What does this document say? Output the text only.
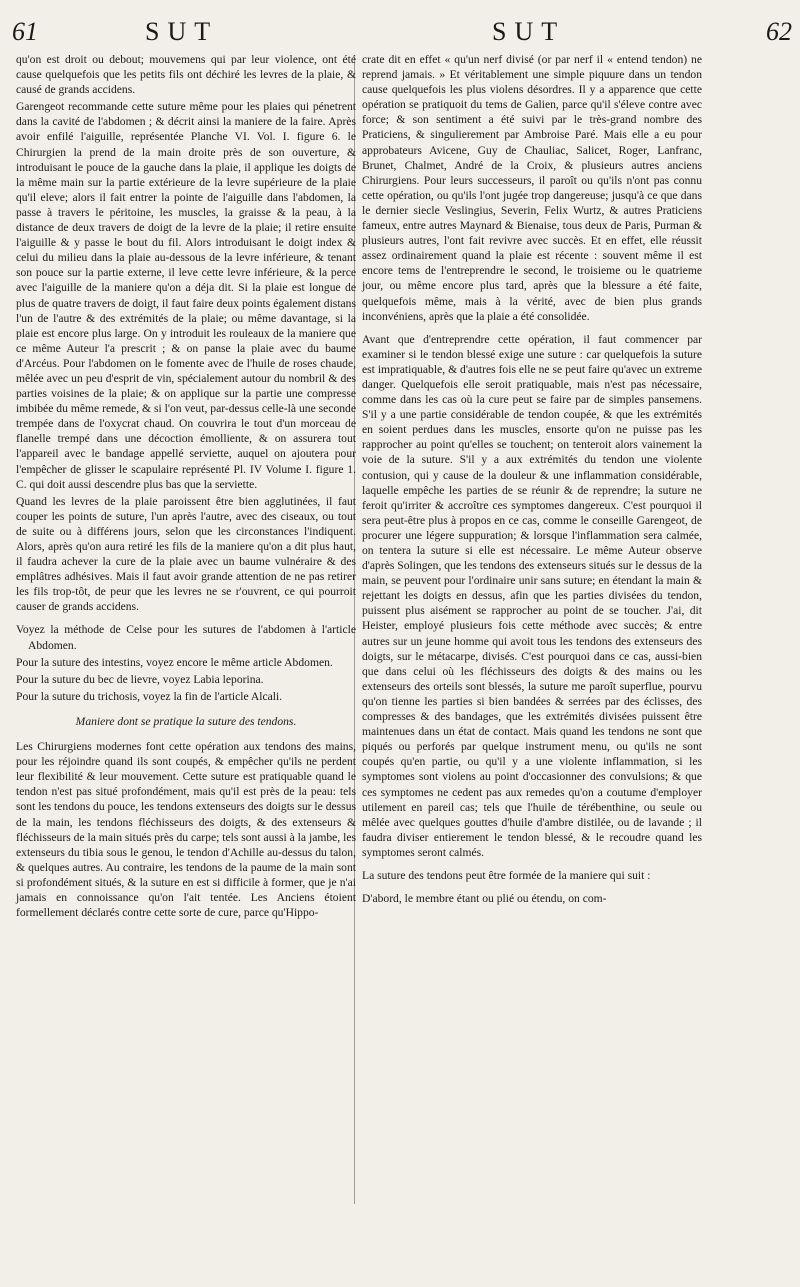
61	SUT	SUT	62

qu'on est droit ou debout; mouvemens qui par leur violence, ont été cause quelquefois que les petits fils ont déchiré les levres de la plaie, & causé de grands accidens.

Garengeot recommande cette suture même pour les plaies qui pénetrent dans la cavité de l'abdomen ; & décrit ainsi la maniere de la faire. Après avoir enfilé l'aiguille, représentée Planche VI. Vol. I. figure 6. le Chirurgien la prend de la main droite près de son ouverture, & introduisant le pouce de la gauche dans la plaie, il applique les doigts de la même main sur la partie extérieure de la levre supérieure de la plaie qu'il eleve; alors il fait entrer la pointe de l'aiguille dans l'abdomen, la passe à travers le péritoine, les muscles, la graisse & la peau, à la distance de deux travers de doigt de la levre de la plaie; il retire ensuite l'aiguille & y passe le bout du fil. Alors introduisant le doigt index & celui du milieu dans la plaie au-dessous de la levre inférieure, & tenant son pouce sur la partie externe, il leve cette levre inférieure, & la perce avec l'aiguille de la maniere qu'on a déja dit. Si la plaie est longue de plus de quatre travers de doigt, il faut faire deux points également distans l'un de l'autre & des extrémités de la plaie; ou même davantage, si la plaie est encore plus large. On y introduit les rouleaux de la maniere que ce même Auteur l'a prescrit ; & on panse la plaie avec du baume d'Arcéus. Pour l'abdomen on le fomente avec de l'huile de roses chaude, mêlée avec un peu d'esprit de vin, spécialement autour du nombril & des parties voisines de la plaie; & on applique sur la partie une compresse imbibée du même remede, & si l'on veut, par-dessus celle-là une seconde trempée dans de l'oxycrat chaud. On couvrira le tout d'un morceau de flanelle trempé dans une décoction émolliente, & on assurera tout l'appareil avec le bandage appellé serviette, auquel on ajoutera pour l'empêcher de glisser le scapulaire représenté Pl. IV Volume I. figure 1. C. qui doit aussi descendre plus bas que la serviette.

Quand les levres de la plaie paroissent être bien agglutinées, il faut couper les points de suture, l'un après l'autre, avec des ciseaux, ou tout de suite ou à différens jours, selon que les circonstances l'indiquent. Alors, après qu'on aura retiré les fils de la maniere qu'on a dit plus haut, il faudra achever la cure de la plaie avec un baume vulnéraire & des emplâtres adhésives. Mais il faut avoir grande attention de ne pas retirer les fils trop-tôt, de peur que les levres ne se r'ouvrent, ce qui pourroit causer de grands accidens.

Voyez la méthode de Celse pour les sutures de l'abdomen à l'article Abdomen.

Pour la suture des intestins, voyez encore le même article Abdomen.

Pour la suture du bec de lievre, voyez Labia leporina.

Pour la suture du trichosis, voyez la fin de l'article Alcali.

Maniere dont se pratique la suture des tendons.

Les Chirurgiens modernes font cette opération aux tendons des mains, pour les réjoindre quand ils sont coupés, & empêcher qu'ils ne perdent leur flexibilité & leur mouvement. Cette suture est pratiquable quand le tendon n'est pas situé profondément, mais qu'il est près de la peau: tels sont les tendons du pouce, les tendons extenseurs des doigts sur le dessus de la main, les tendons fléchisseurs des doigts, & des extenseurs & fléchisseurs de la main situés près du carpe; tels sont aussi à la jambe, les extenseurs du tibia sous le genou, le tendon d'Achille au-dessus du talon, & quelques autres. Au contraire, les tendons de la paume de la main sont si profondément situés, & la suture en est si difficile à former, que je n'ai jamais en connoissance qu'on l'ait tentée. Les Anciens étoient formellement déclarés contre cette sorte de cure, parce qu'Hippo-

crate dit en effet « qu'un nerf divisé (or par nerf il « entend tendon) ne reprend jamais. » Et véritablement une simple piquure dans un tendon cause quelquefois les plus violens désordres. Il y a apparence que cette opération se pratiquoit du tems de Galien, parce qu'il s'éleve contre avec force; & son sentiment a été suivi par le très-grand nombre des Praticiens, & singulierement par Ambroise Paré. Mais elle a eu pour approbateurs Avicene, Guy de Chauliac, Salicet, Roger, Lanfranc, Brunet, Chalmet, André de la Croix, & plusieurs autres anciens Chirurgiens. Pour leurs successeurs, il paroît ou qu'ils n'ont pas connu cette opération, ou qu'ils l'ont jugée trop dangereuse; jusqu'à ce que dans le dernier siecle Veslingius, Severin, Felix Wurtz, & autres Praticiens fameux, entre autres Maynard & Bienaise, tous deux de Paris, Purman & plusieurs autres, l'ont fait revivre avec succès. Et en effet, elle réussit assez ordinairement quand la plaie est récente : souvent même il est encore tems de l'entreprendre le second, le troisieme ou le quatrieme jour, ou même encore plus tard, après que la blessure a été faite, quelquefois même, mais à la vérité, avec de bien plus grands inconvéniens, après que la plaie a été consolidée.

Avant que d'entreprendre cette opération, il faut commencer par examiner si le tendon blessé exige une suture : car quelquefois la suture est impratiquable, & d'autres fois elle ne se peut faire qu'avec un extreme danger. Quelquefois elle seroit pratiquable, mais n'est pas nécessaire, comme dans les cas où la cure peut se faire par de simples pansemens. S'il y a une partie considérable de tendon coupée, & que les extrémités en soient perdues dans les muscles, ensorte qu'on ne puisse pas les rapprocher au point qu'elles se touchent; on tenteroit alors vainement la voie de la suture. S'il y a aux extrémités du tendon une violente contusion, qui y cause de la douleur & une inflammation considérable, laquelle empêche les parties de se réunir & de reprendre; la suture ne feroit qu'irriter & accroître ces symptomes dangereux. C'est pourquoi il sera peut-être plus à propos en ce cas, comme le conseille Garengeot, de procurer une légere suppuration; & lorsque l'inflammation sera calmée, on tentera la suture si elle est nécessaire. Le même Auteur observe d'après Solingen, que les tendons des extenseurs situés sur le dessus de la main, se peuvent pour l'ordinaire unir sans suture; en étendant la main & rejettant les doigts en dessus, afin que les parties divisées du tendon, puissent plus aisément se rapprocher au point de se toucher. J'ai, dit Heister, employé plusieurs fois cette méthode avec succès; & entre autres sur un jeune homme qui avoit tous les tendons des extenseurs des doigts, sur le métacarpe, divisés. C'est pourquoi dans ce cas, aussi-bien que dans celui où les fléchisseurs des doigts & des mains ou les extenseurs des orteils sont blessés, la suture me paroît superflue, pourvu qu'on tienne les parties si bien bandées & serrées par des éclisses, des compresses & des bandages, que les extrémités divisées puissent être maintenues dans un état de contact. Mais quand les tendons ne sont que piqués ou perforés par quelque instrument menu, ou qu'ils ne sont coupés qu'en partie, ou qu'il y a une violente inflammation, si les symptomes sont violens au point d'occasionner des convulsions; & que ces symptomes ne cedent pas aux remedes qu'on a coutume d'employer utilement en pareil cas; tels que l'huile de térébenthine, ou seule ou mêlée avec quelques gouttes d'huile d'ambre distilée, ou de lavande ; il faudra diviser entierement le tendon blessé, & le recoudre quand les symptomes seront calmés.

La suture des tendons peut être formée de la maniere qui suit :

D'abord, le membre étant ou plié ou étendu, on com-
